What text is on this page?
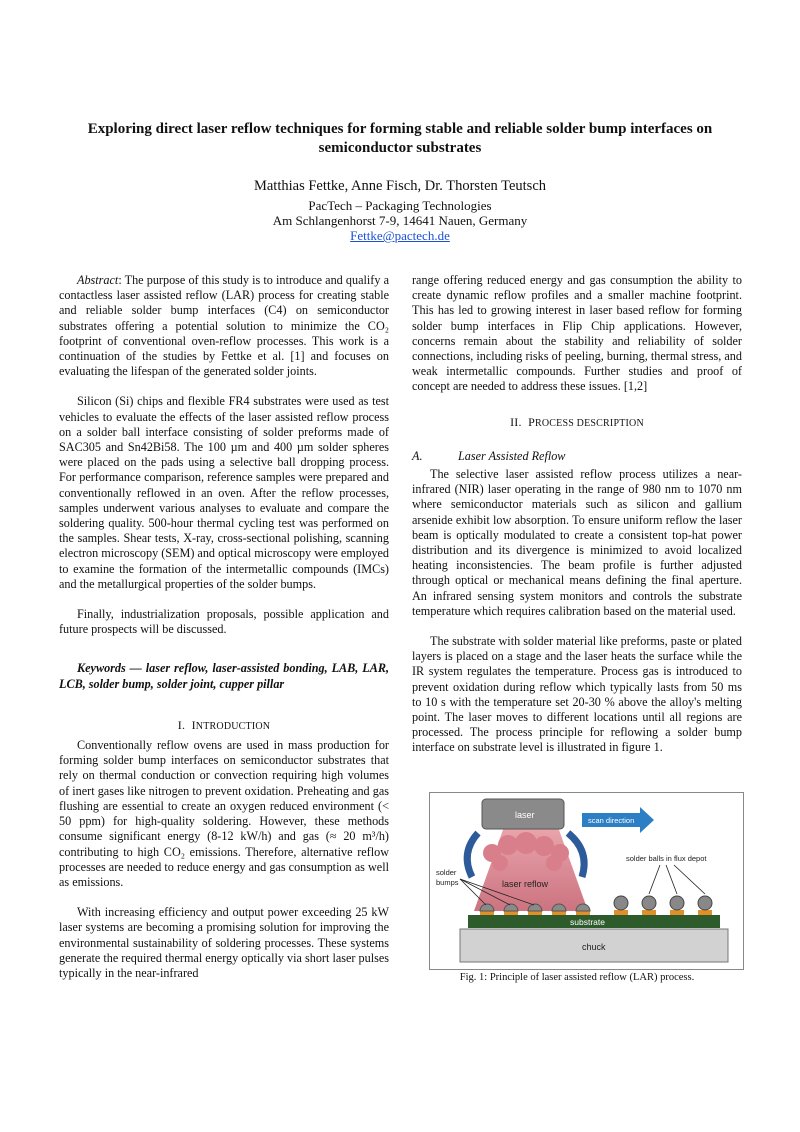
Exploring direct laser reflow techniques for forming stable and reliable solder bump interfaces on semiconductor substrates
Matthias Fettke, Anne Fisch, Dr. Thorsten Teutsch
PacTech – Packaging Technologies
Am Schlangenhorst 7-9, 14641 Nauen, Germany
Fettke@pactech.de

Abstract: The purpose of this study is to introduce and qualify a contactless laser assisted reflow (LAR) process for creating stable and reliable solder bump interfaces (C4) on semiconductor substrates offering a potential solution to minimize the CO₂ footprint of conventional oven-reflow processes. This work is a continuation of the studies by Fettke et al. [1] and focuses on evaluating the lifespan of the generated solder joints.

Silicon (Si) chips and flexible FR4 substrates were used as test vehicles to evaluate the effects of the laser assisted reflow process on a solder ball interface consisting of solder preforms made of SAC305 and Sn42Bi58. The 100 µm and 400 µm solder spheres were placed on the pads using a selective ball dropping process. For performance comparison, reference samples were prepared and conventionally reflowed in an oven. After the reflow processes, samples underwent various analyses to evaluate and compare the soldering quality. 500-hour thermal cycling test was performed on the samples. Shear tests, X-ray, cross-sectional polishing, scanning electron microscopy (SEM) and optical microscopy were employed to examine the formation of the intermetallic compounds (IMCs) and the metallurgical properties of the solder bumps.

Finally, industrialization proposals, possible application and future prospects will be discussed.

Keywords — laser reflow, laser-assisted bonding, LAB, LAR, LCB, solder bump, solder joint, cupper pillar

I. INTRODUCTION

Conventionally reflow ovens are used in mass production for forming solder bump interfaces on semiconductor substrates that rely on thermal conduction or convection requiring high volumes of inert gases like nitrogen to prevent oxidation. Preheating and gas flushing are essential to create an oxygen reduced environment (< 50 ppm) for high-quality soldering. However, these methods consume significant energy (8-12 kW/h) and gas (≈ 20 m³/h) contributing to high CO₂ emissions. Therefore, alternative reflow processes are needed to reduce energy and gas consumption as well as emissions.

With increasing efficiency and output power exceeding 25 kW laser systems are becoming a promising solution for improving the environmental sustainability of soldering processes. These systems generate the required thermal energy optically via short laser pulses typically in the near-infrared

range offering reduced energy and gas consumption the ability to create dynamic reflow profiles and a smaller machine footprint. This has led to growing interest in laser based reflow for forming solder bump interfaces in Flip Chip applications. However, concerns remain about the stability and reliability of solder connections, including risks of peeling, burning, thermal stress, and weak intermetallic compounds. Further studies and proof of concept are needed to address these issues. [1,2]

II. PROCESS DESCRIPTION
A.	Laser Assisted Reflow

The selective laser assisted reflow process utilizes a near-infrared (NIR) laser operating in the range of 980 nm to 1070 nm where semiconductor materials such as silicon and gallium arsenide exhibit low absorption. To ensure uniform reflow the laser beam is optically modulated to create a consistent top-hat power distribution and its divergence is minimized to avoid localized heating inconsistencies. The beam profile is further adjusted through optical or mechanical means defining the final aperture. An infrared sensing system monitors and controls the substrate temperature which requires calibration based on the material used.

The substrate with solder material like preforms, paste or plated layers is placed on a stage and the laser heats the surface while the IR system regulates the temperature. Process gas is introduced to prevent oxidation during reflow which typically lasts from 50 ms to 10 s with the temperature set 20-30 % above the alloy's melting point. The laser moves to different locations until all regions are processed. The process principle for reflowing a solder bump interface on substrate level is illustrated in figure 1.

chuck
substrate
laser reflow
laser
scan direction
solder balls in flux depot
solder
bumps
Fig. 1: Principle of laser assisted reflow (LAR) process.
